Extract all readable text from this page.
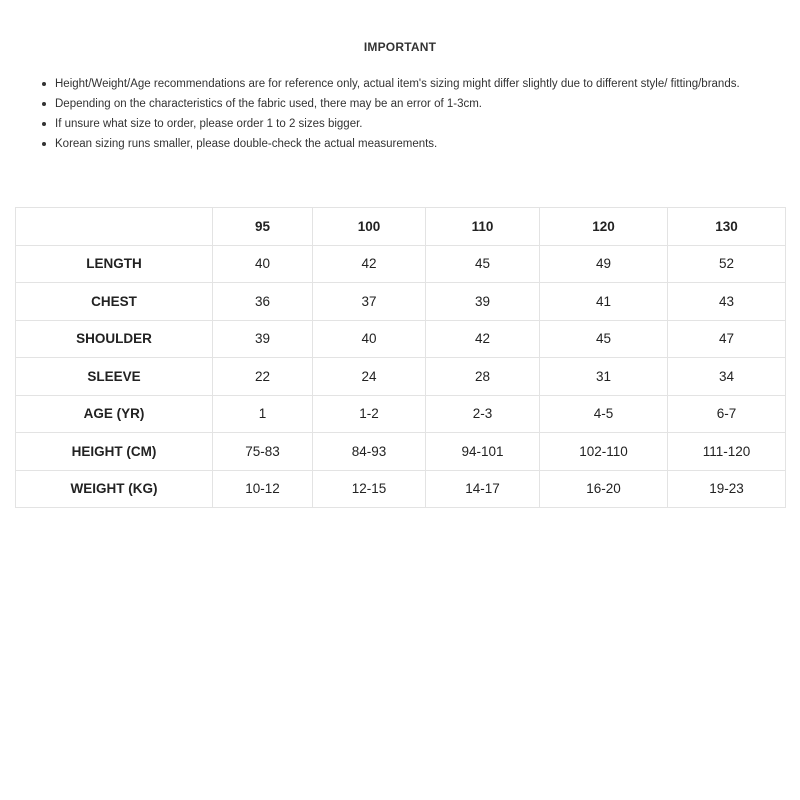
IMPORTANT
Height/Weight/Age recommendations are for reference only, actual item's sizing might differ slightly due to different style/ fitting/brands.
Depending on the characteristics of the fabric used, there may be an error of 1-3cm.
If unsure what size to order, please order 1 to 2 sizes bigger.
Korean sizing runs smaller, please double-check the actual measurements.
	95	100	110	120	130
LENGTH	40	42	45	49	52
CHEST	36	37	39	41	43
SHOULDER	39	40	42	45	47
SLEEVE	22	24	28	31	34
AGE (YR)	1	1-2	2-3	4-5	6-7
HEIGHT (CM)	75-83	84-93	94-101	102-110	111-120
WEIGHT (KG)	10-12	12-15	14-17	16-20	19-23
